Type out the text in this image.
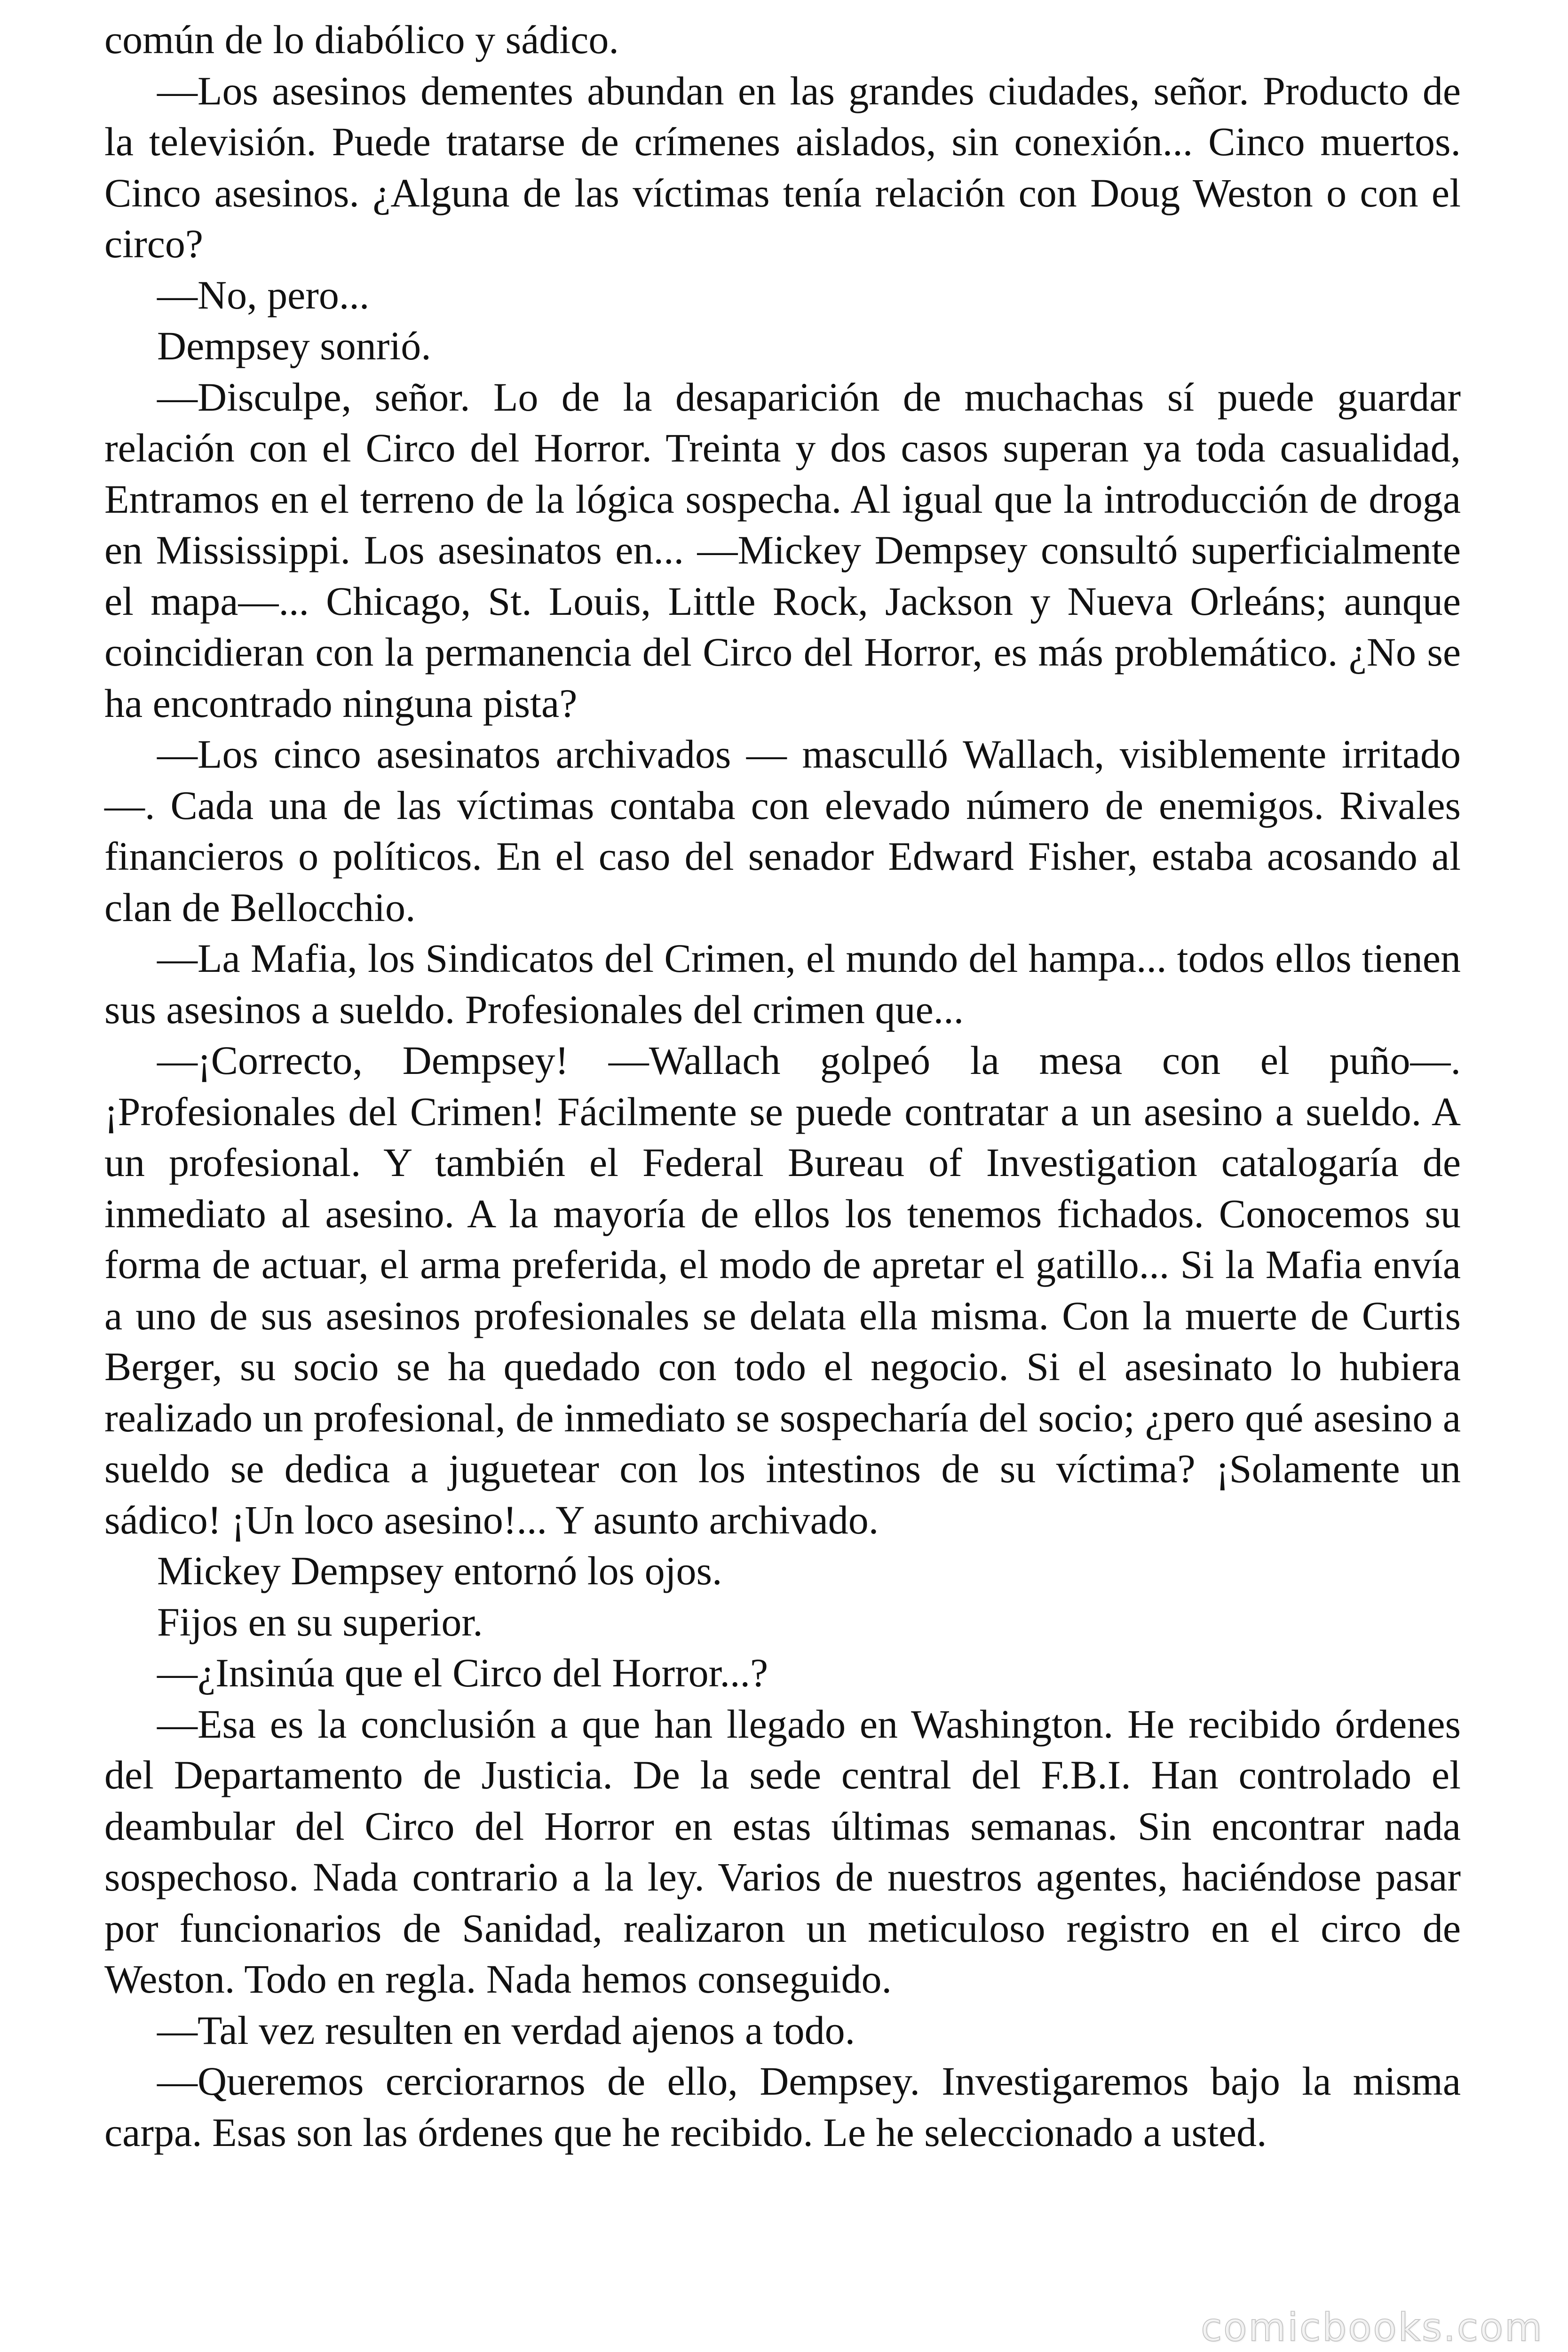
común de lo diabólico y sádico.

—Los asesinos dementes abundan en las grandes ciudades, señor. Producto de la televisión. Puede tratarse de crímenes aislados, sin conexión... Cinco muertos. Cinco asesinos. ¿Alguna de las víctimas tenía relación con Doug Weston o con el circo?

—No, pero...

Dempsey sonrió.

—Disculpe, señor. Lo de la desaparición de muchachas sí puede guardar relación con el Circo del Horror. Treinta y dos casos superan ya toda casualidad, Entramos en el terreno de la lógica sospecha. Al igual que la introducción de droga en Mississippi. Los asesinatos en... —Mickey Dempsey consultó superficialmente el mapa—... Chicago, St. Louis, Little Rock, Jackson y Nueva Orleáns; aunque coincidieran con la permanencia del Circo del Horror, es más problemático. ¿No se ha encontrado ninguna pista?

—Los cinco asesinatos archivados — masculló Wallach, visiblemente irritado—. Cada una de las víctimas contaba con elevado número de enemigos. Rivales financieros o políticos. En el caso del senador Edward Fisher, estaba acosando al clan de Bellocchio.

—La Mafia, los Sindicatos del Crimen, el mundo del hampa... todos ellos tienen sus asesinos a sueldo. Profesionales del crimen que...

—¡Correcto, Dempsey! —Wallach golpeó la mesa con el puño—. ¡Profesionales del Crimen! Fácilmente se puede contratar a un asesino a sueldo. A un profesional. Y también el Federal Bureau of Investigation catalogaría de inmediato al asesino. A la mayoría de ellos los tenemos fichados. Conocemos su forma de actuar, el arma preferida, el modo de apretar el gatillo... Si la Mafia envía a uno de sus asesinos profesionales se delata ella misma. Con la muerte de Curtis Berger, su socio se ha quedado con todo el negocio. Si el asesinato lo hubiera realizado un profesional, de inmediato se sospecharía del socio; ¿pero qué asesino a sueldo se dedica a juguetear con los intestinos de su víctima? ¡Solamente un sádico! ¡Un loco asesino!... Y asunto archivado.

Mickey Dempsey entornó los ojos.

Fijos en su superior.

—¿Insinúa que el Circo del Horror...?

—Esa es la conclusión a que han llegado en Washington. He recibido órdenes del Departamento de Justicia. De la sede central del F.B.I. Han controlado el deambular del Circo del Horror en estas últimas semanas. Sin encontrar nada sospechoso. Nada contrario a la ley. Varios de nuestros agentes, haciéndose pasar por funcionarios de Sanidad, realizaron un meticuloso registro en el circo de Weston. Todo en regla. Nada hemos conseguido.

—Tal vez resulten en verdad ajenos a todo.

—Queremos cerciorarnos de ello, Dempsey. Investigaremos bajo la misma carpa. Esas son las órdenes que he recibido. Le he seleccionado a usted.

comicbooks.com
